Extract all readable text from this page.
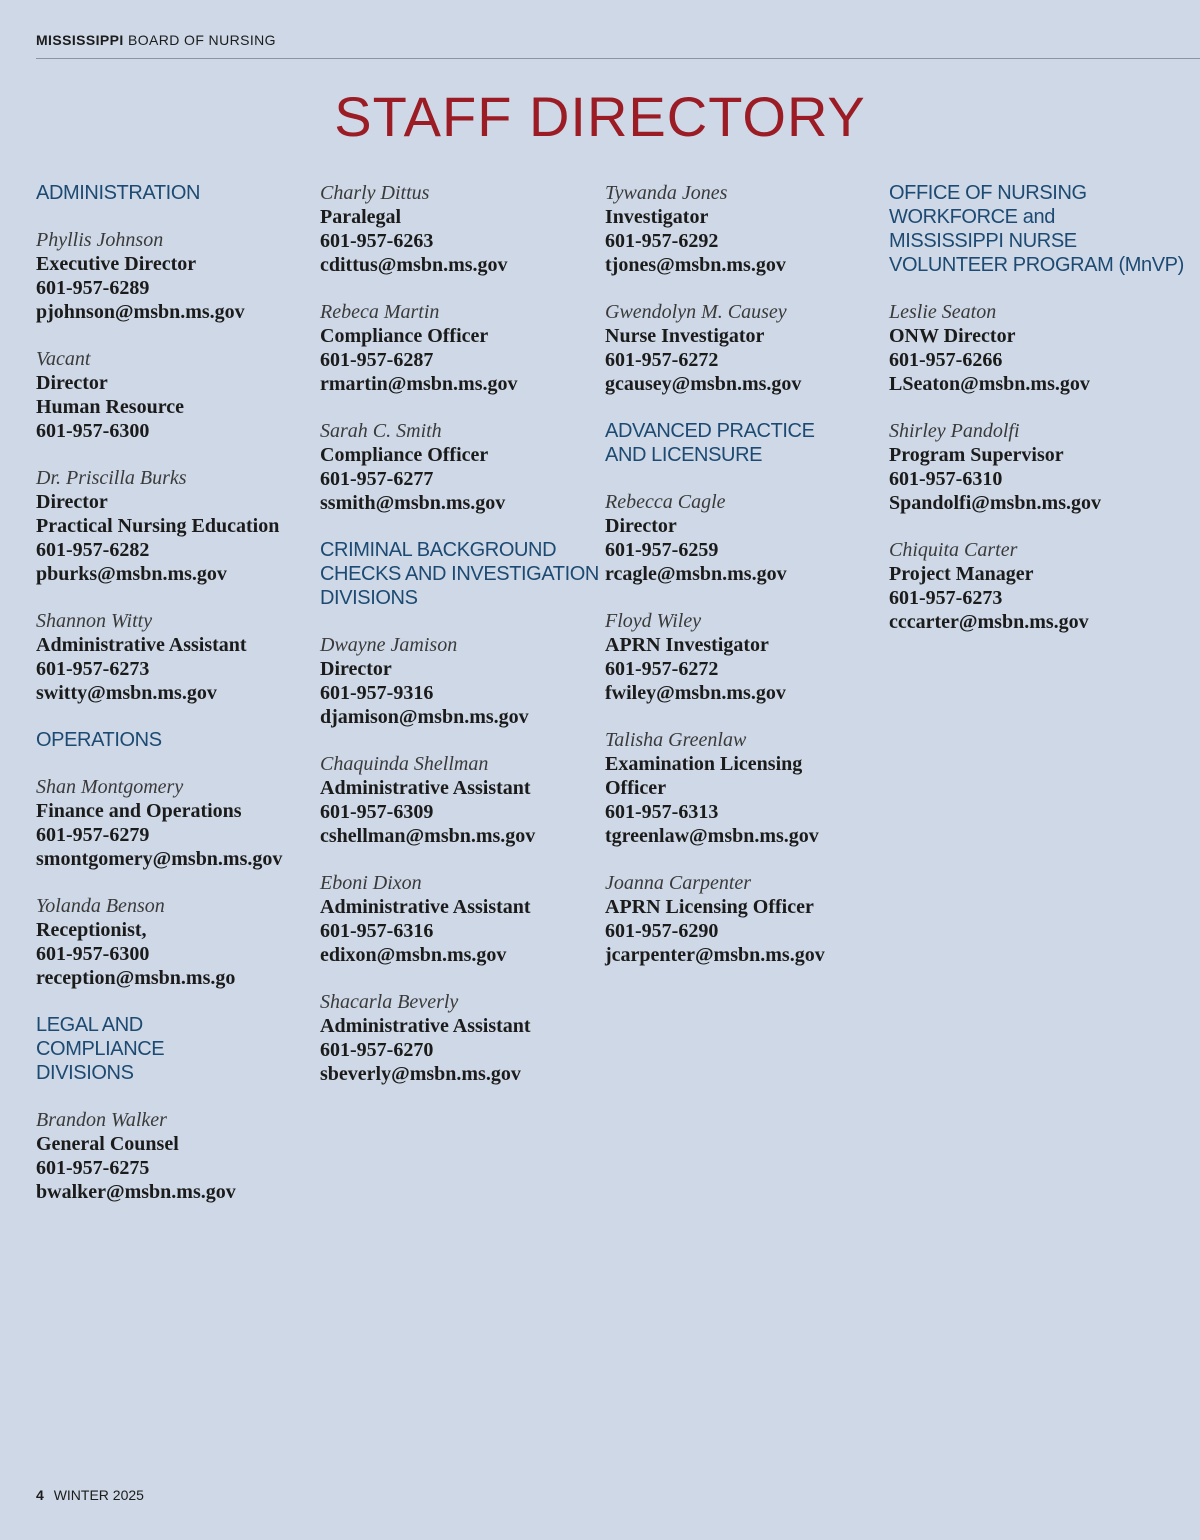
MISSISSIPPI BOARD OF NURSING
STAFF DIRECTORY
ADMINISTRATION
Phyllis Johnson
Executive Director
601-957-6289
pjohnson@msbn.ms.gov
Vacant
Director
Human Resource
601-957-6300
Dr. Priscilla Burks
Director
Practical Nursing Education
601-957-6282
pburks@msbn.ms.gov
Shannon Witty
Administrative Assistant
601-957-6273
switty@msbn.ms.gov
OPERATIONS
Shan Montgomery
Finance and Operations
601-957-6279
smontgomery@msbn.ms.gov
Yolanda Benson
Receptionist,
601-957-6300
reception@msbn.ms.go
LEGAL AND
COMPLIANCE
DIVISIONS
Brandon Walker
General Counsel
601-957-6275
bwalker@msbn.ms.gov
Charly Dittus
Paralegal
601-957-6263
cdittus@msbn.ms.gov
Rebeca Martin
Compliance Officer
601-957-6287
rmartin@msbn.ms.gov
Sarah C. Smith
Compliance Officer
601-957-6277
ssmith@msbn.ms.gov
CRIMINAL BACKGROUND
CHECKS AND INVESTIGATION
DIVISIONS
Dwayne Jamison
Director
601-957-9316
djamison@msbn.ms.gov
Chaquinda Shellman
Administrative Assistant
601-957-6309
cshellman@msbn.ms.gov
Eboni Dixon
Administrative Assistant
601-957-6316
edixon@msbn.ms.gov
Shacarla Beverly
Administrative Assistant
601-957-6270
sbeverly@msbn.ms.gov
Tywanda Jones
Investigator
601-957-6292
tjones@msbn.ms.gov
Gwendolyn M. Causey
Nurse Investigator
601-957-6272
gcausey@msbn.ms.gov
ADVANCED PRACTICE
AND LICENSURE
Rebecca Cagle
Director
601-957-6259
rcagle@msbn.ms.gov
Floyd Wiley
APRN Investigator
601-957-6272
fwiley@msbn.ms.gov
Talisha Greenlaw
Examination Licensing
Officer
601-957-6313
tgreenlaw@msbn.ms.gov
Joanna Carpenter
APRN Licensing Officer
601-957-6290
jcarpenter@msbn.ms.gov
OFFICE OF NURSING
WORKFORCE and
MISSISSIPPI NURSE
VOLUNTEER PROGRAM (MnVP)
Leslie Seaton
ONW Director
601-957-6266
LSeaton@msbn.ms.gov
Shirley Pandolfi
Program Supervisor
601-957-6310
Spandolfi@msbn.ms.gov
Chiquita Carter
Project Manager
601-957-6273
cccarter@msbn.ms.gov
4 WINTER 2025
